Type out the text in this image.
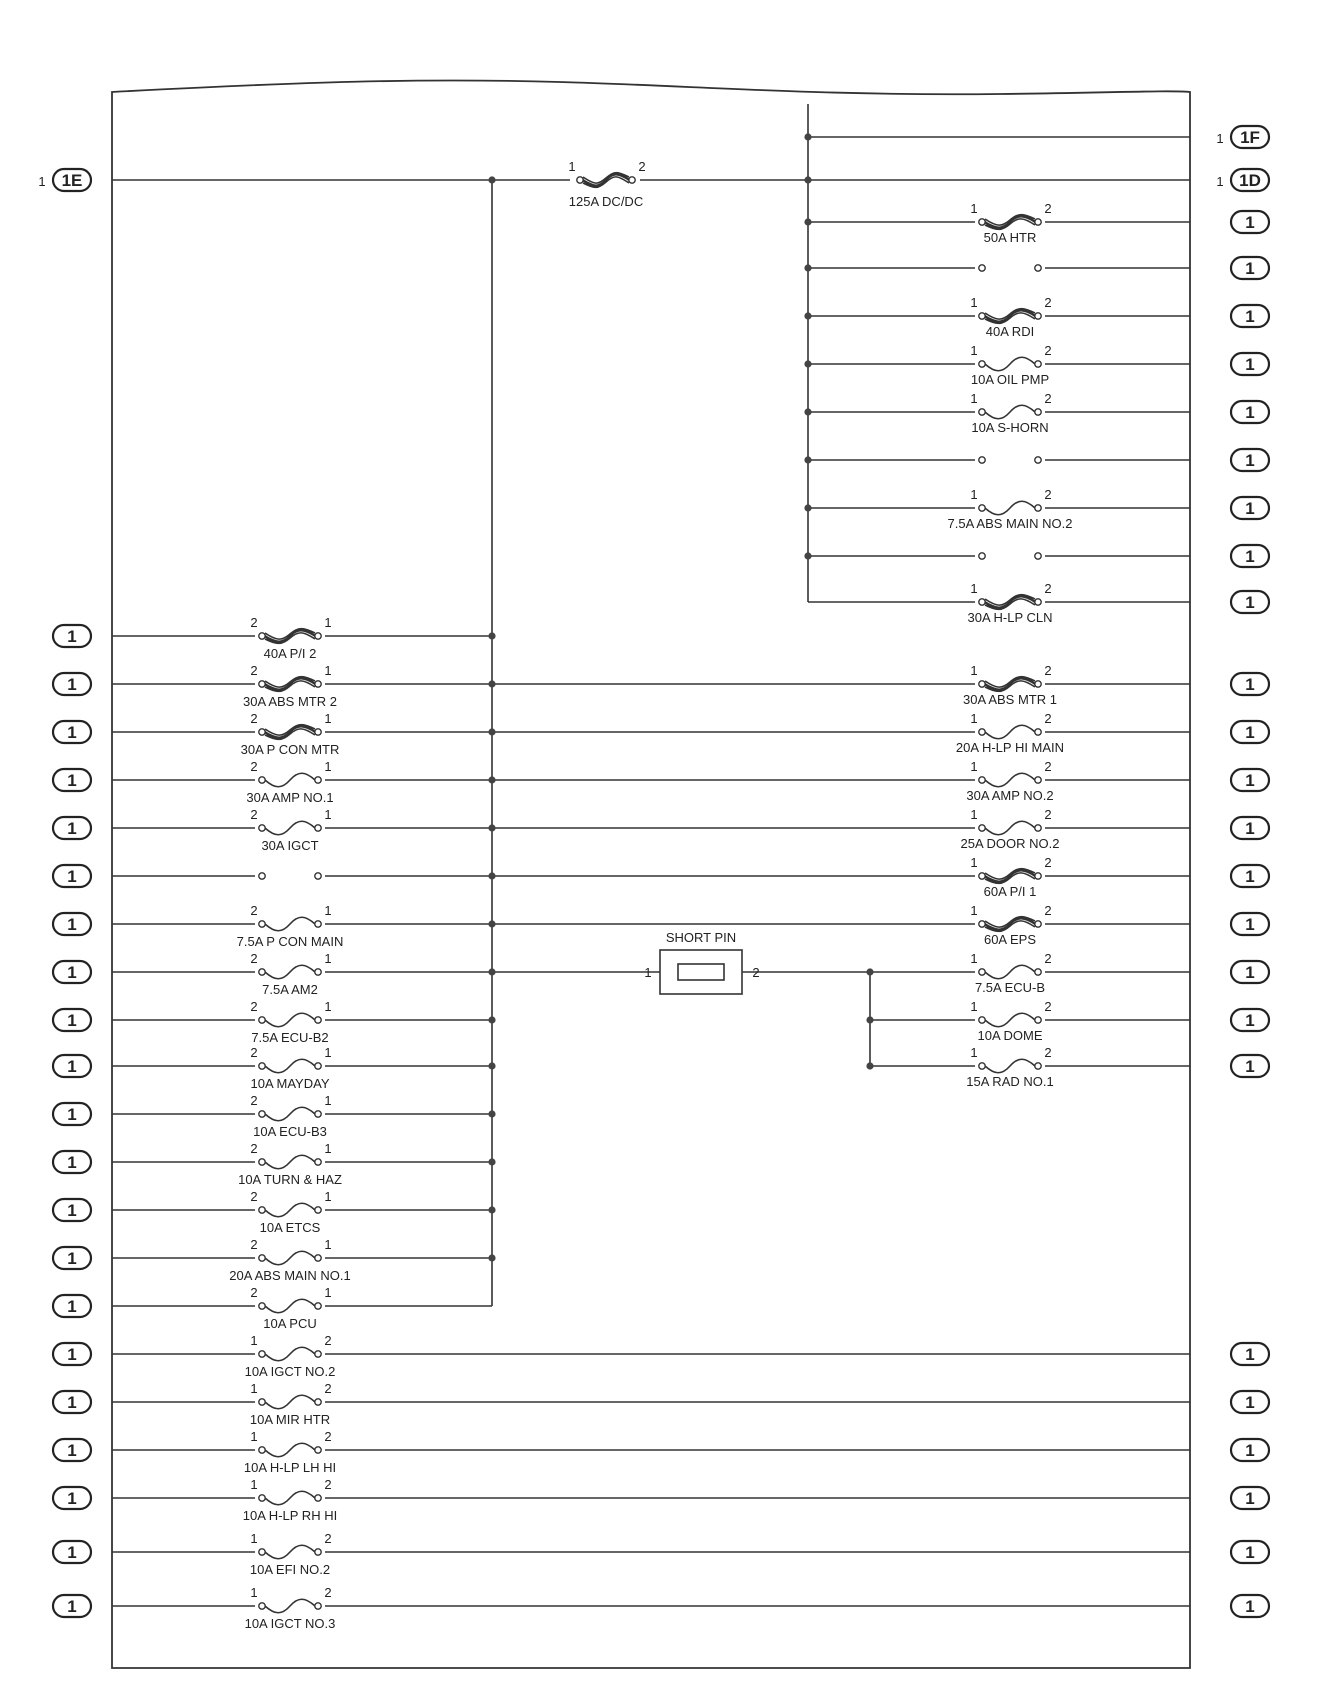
1E
1
1	2
125A DC/DC
1F
1
1D
1
1	2
50A HTR
1
1
1	2
40A RDI
1
1	2
10A OIL PMP
1
1	2
10A S-HORN
1
1
1	2
7.5A ABS MAIN NO.2
1
1
1	2
30A H-LP CLN
1
2	1
40A P/I 2
1
2	1
30A ABS MTR 2
1
2	1
30A P CON MTR
1
2	1
30A AMP NO.1
1
2	1
30A IGCT
1
1
2	1
7.5A P CON MAIN
1
2	1
7.5A AM2
1
2	1
7.5A ECU-B2
1
2	1
10A MAYDAY
1
2	1
10A ECU-B3
1
2	1
10A TURN & HAZ
1
2	1
10A ETCS
1
2	1
20A ABS MAIN NO.1
1
2	1
10A PCU
1
1	2
30A ABS MTR 1
1
1	2
20A H-LP HI MAIN
1
1	2
30A AMP NO.2
1
1	2
25A DOOR NO.2
1
1	2
60A P/I 1
1
1	2
60A EPS
1
1	2
7.5A ECU-B
1
1	2
10A DOME
1
1	2
15A RAD NO.1
1
SHORT PIN
1	2
1	2
10A IGCT NO.2
1	1
1	2
10A MIR HTR
1	1
1	2
10A H-LP LH HI
1	1
1	2
10A H-LP RH HI
1	1
1	2
10A EFI NO.2
1	1
1	2
10A IGCT NO.3
1	1
